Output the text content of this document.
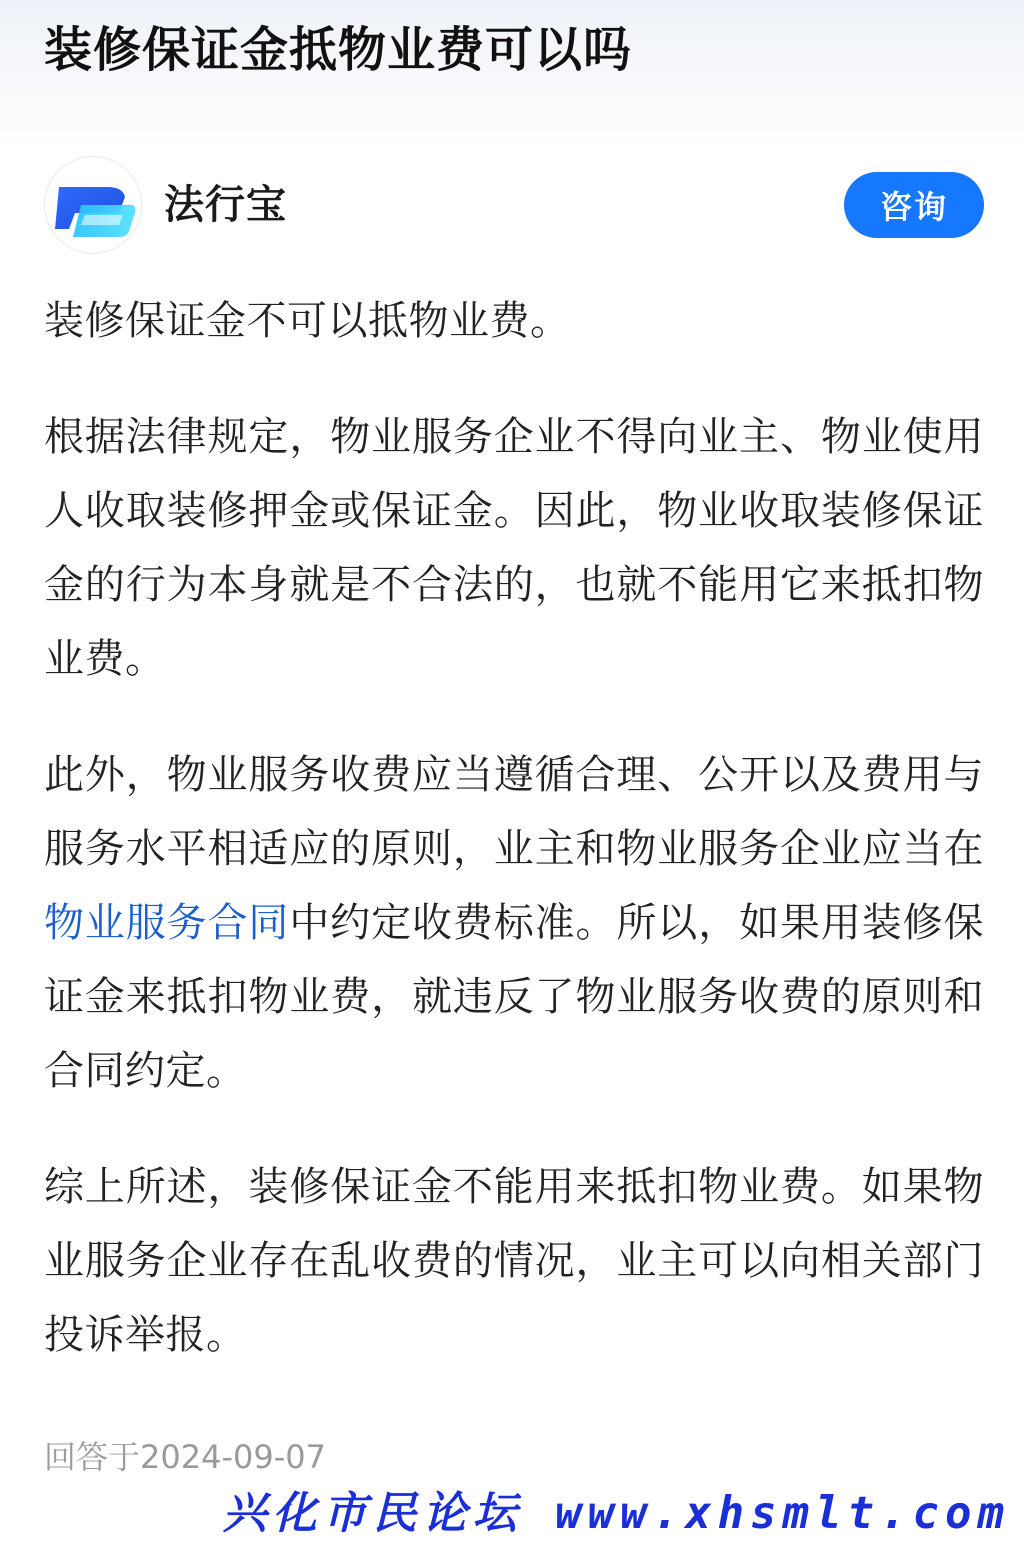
装修保证金抵物业费可以吗
法行宝	咨询

装修保证金不可以抵物业费。

根据法律规定，物业服务企业不得向业主、物业使用人收取装修押金或保证金。因此，物业收取装修保证金的行为本身就是不合法的，也就不能用它来抵扣物业费。

此外，物业服务收费应当遵循合理、公开以及费用与服务水平相适应的原则，业主和物业服务企业应当在物业服务合同中约定收费标准。所以，如果用装修保证金来抵扣物业费，就违反了物业服务收费的原则和合同约定。

综上所述，装修保证金不能用来抵扣物业费。如果物业服务企业存在乱收费的情况，业主可以向相关部门投诉举报。

回答于2024-09-07
兴化市民论坛 www.xhsmlt.com
